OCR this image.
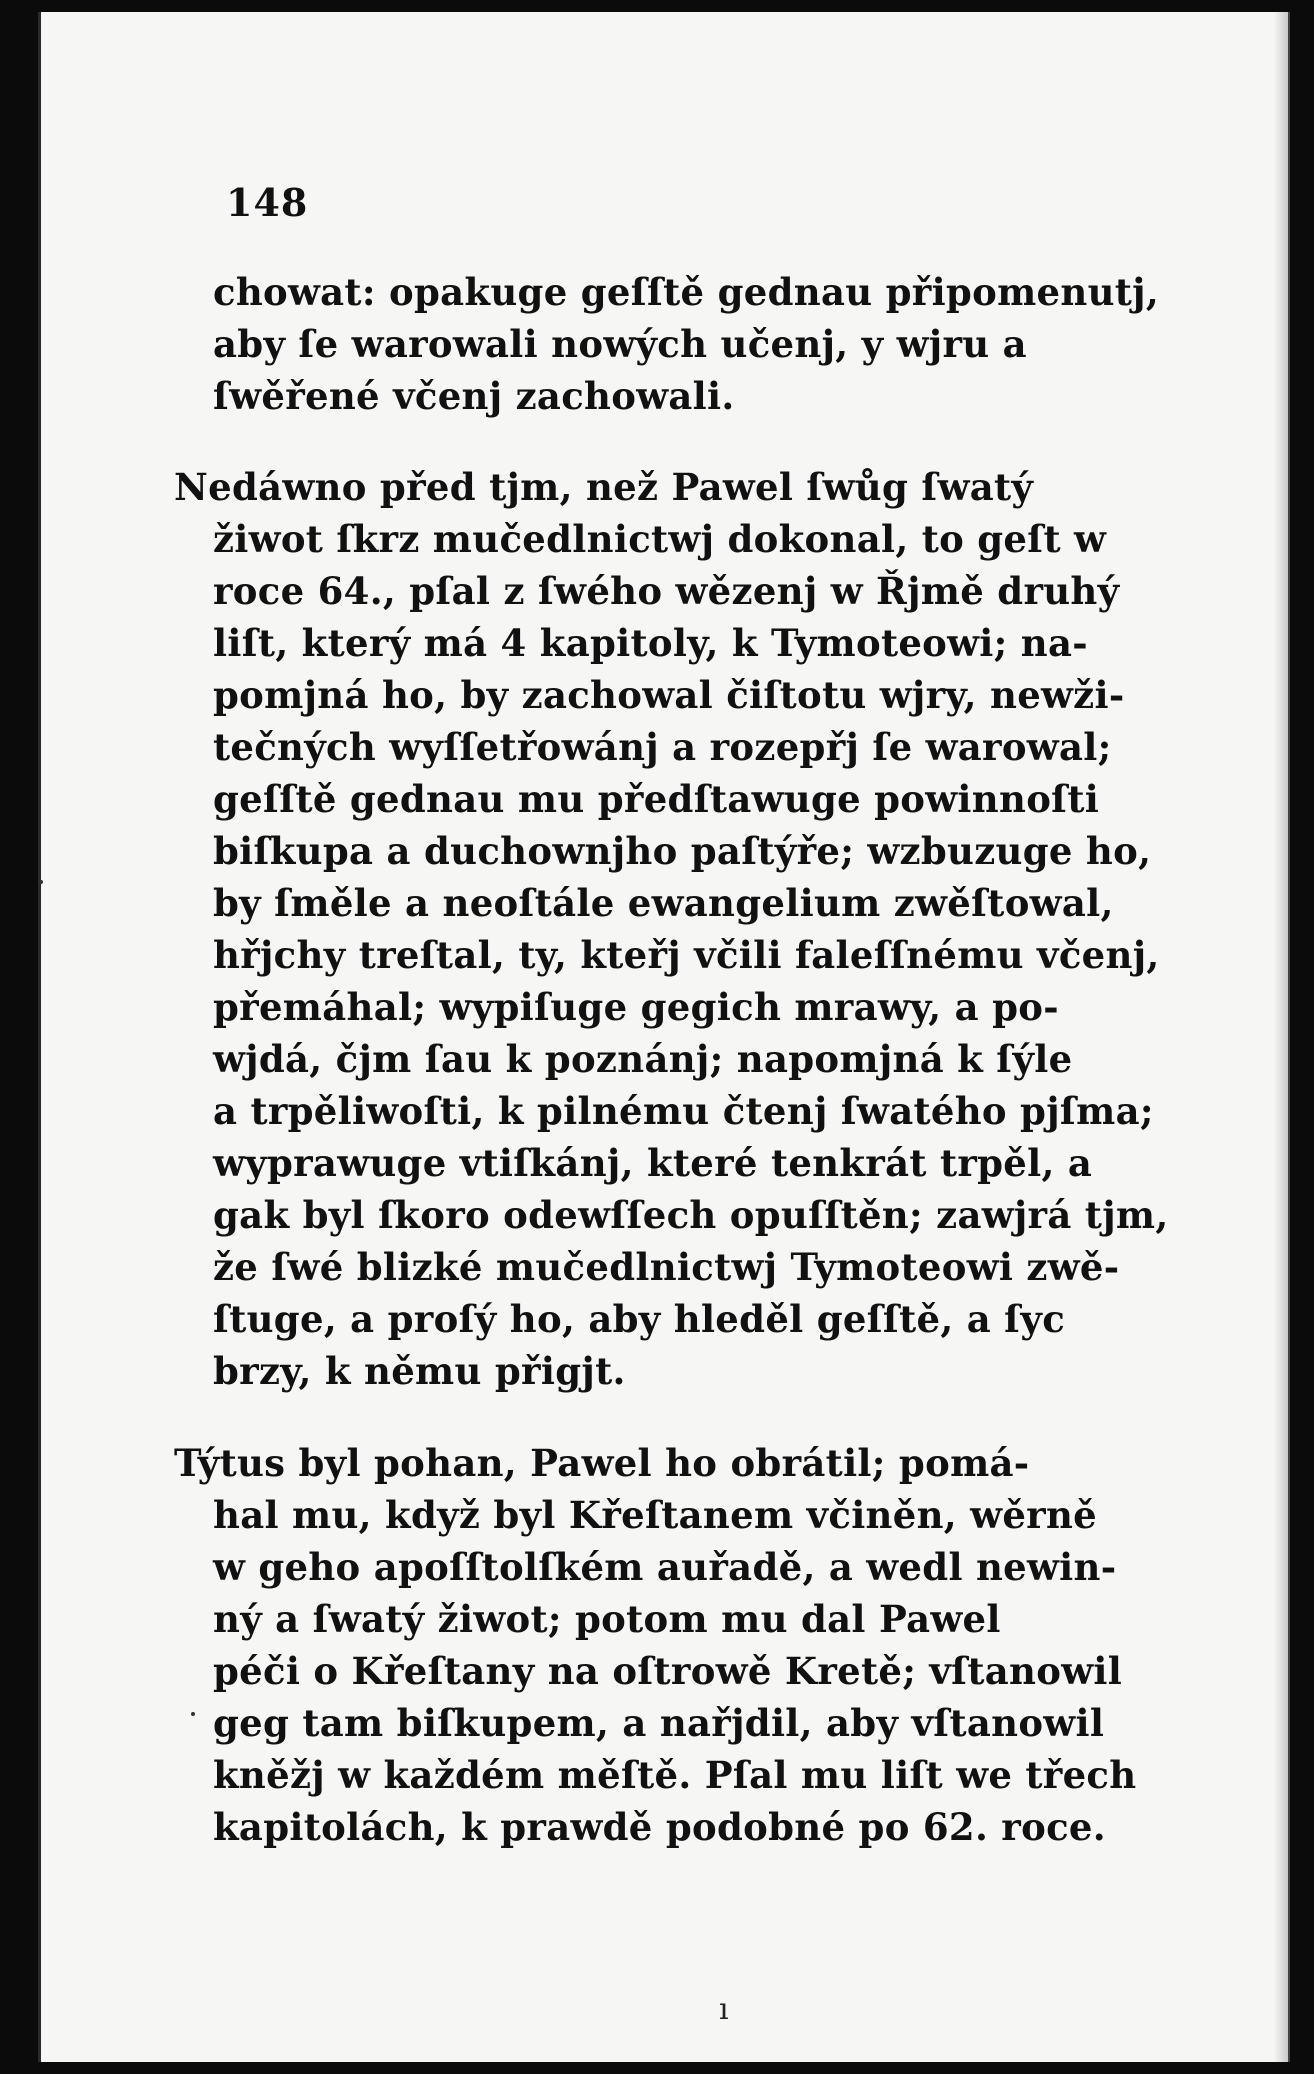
148
chowat: opakuge geſſtě gednau připomenutj,
aby ſe warowali nowých učenj, y wjru a
ſwěřené včenj zachowali.
Nedáwno před tjm, než Pawel ſwůg ſwatý
žiwot ſkrz mučedlnictwj dokonal, to geſt w
roce 64., pſal z ſwého wězenj w Řjmě druhý
liſt, který má 4 kapitoly, k Tymoteowi; na-
pomjná ho, by zachowal čiſtotu wjry, newži-
tečných wyſſetřowánj a rozepřj ſe warowal;
geſſtě gednau mu předſtawuge powinnoſti
biſkupa a duchownjho paſtýře; wzbuzuge ho,
by ſměle a neoſtále ewangelium zwěſtowal,
hřjchy treſtal, ty, kteřj včili faleſſnému včenj,
přemáhal; wypiſuge gegich mrawy, a po-
wjdá, čjm ſau k poznánj; napomjná k ſýle
a trpěliwoſti, k pilnému čtenj ſwatého pjſma;
wyprawuge vtiſkánj, které tenkrát trpěl, a
gak byl ſkoro odewſſech opuſſtěn; zawjrá tjm,
že ſwé blizké mučedlnictwj Tymoteowi zwě-
ſtuge, a proſý ho, aby hleděl geſſtě, a ſyc
brzy, k němu přigjt.
Týtus byl pohan, Pawel ho obrátil; pomá-
hal mu, když byl Křeſtanem včiněn, wěrně
w geho apoſſtolſkém auřadě, a wedl newin-
ný a ſwatý žiwot; potom mu dal Pawel
péči o Křeſtany na oſtrowě Kretě; vſtanowil
geg tam biſkupem, a nařjdil, aby vſtanowil
kněžj w každém měſtě. Pſal mu liſt we třech
kapitolách, k prawdě podobné po 62. roce.
ı
